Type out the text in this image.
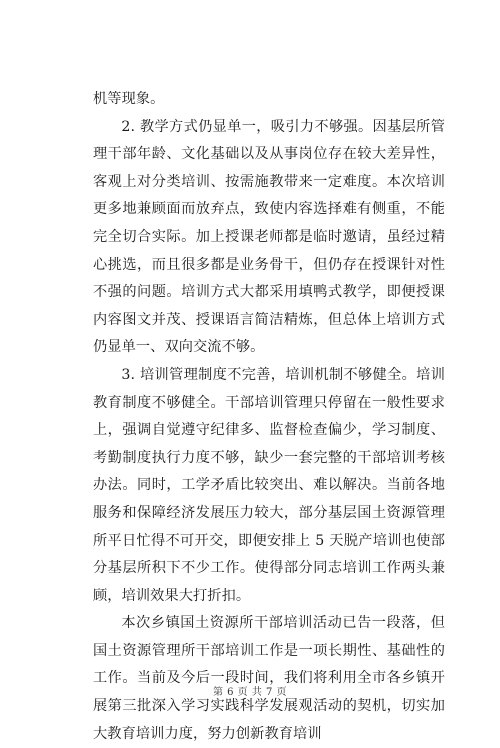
机等现象。

2. 教学方式仍显单一，吸引力不够强。因基层所管理干部年龄、文化基础以及从事岗位存在较大差异性，客观上对分类培训、按需施教带来一定难度。本次培训更多地兼顾面而放弃点，致使内容选择难有侧重，不能完全切合实际。加上授课老师都是临时邀请，虽经过精心挑选，而且很多都是业务骨干，但仍存在授课针对性不强的问题。培训方式大都采用填鸭式教学，即便授课内容图文并茂、授课语言简洁精炼，但总体上培训方式仍显单一、双向交流不够。

3. 培训管理制度不完善，培训机制不够健全。培训教育制度不够健全。干部培训管理只停留在一般性要求上，强调自觉遵守纪律多、监督检查偏少，学习制度、考勤制度执行力度不够，缺少一套完整的干部培训考核办法。同时，工学矛盾比较突出、难以解决。当前各地服务和保障经济发展压力较大，部分基层国土资源管理所平日忙得不可开交，即便安排上 5 天脱产培训也使部分基层所积下不少工作。使得部分同志培训工作两头兼顾，培训效果大打折扣。

本次乡镇国土资源所干部培训活动已告一段落，但国土资源管理所干部培训工作是一项长期性、基础性的工作。当前及今后一段时间，我们将利用全市各乡镇开展第三批深入学习实践科学发展观活动的契机，切实加大教育培训力度，努力创新教育培训

第 6 页 共 7 页
